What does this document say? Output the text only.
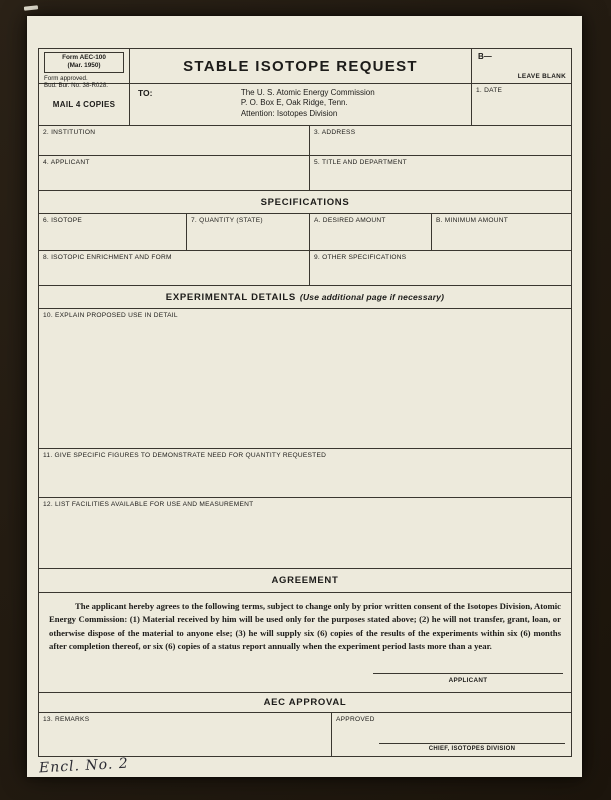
Form AEC-100
(Mar. 1950)
Form approved.
Bud. Bur. No. 38-R028.
STABLE ISOTOPE REQUEST
B—
LEAVE BLANK
MAIL 4 COPIES
TO:	The U. S. Atomic Energy Commission
P. O. Box E, Oak Ridge, Tenn.
Attention: Isotopes Division
1. DATE
2. INSTITUTION	3. ADDRESS
4. APPLICANT	5. TITLE AND DEPARTMENT
SPECIFICATIONS
6. ISOTOPE	7. QUANTITY (STATE)	A. DESIRED AMOUNT	B. MINIMUM AMOUNT
8. ISOTOPIC ENRICHMENT AND FORM	9. OTHER SPECIFICATIONS
EXPERIMENTAL DETAILS (Use additional page if necessary)
10. EXPLAIN PROPOSED USE IN DETAIL
11. GIVE SPECIFIC FIGURES TO DEMONSTRATE NEED FOR QUANTITY REQUESTED
12. LIST FACILITIES AVAILABLE FOR USE AND MEASUREMENT
AGREEMENT
The applicant hereby agrees to the following terms, subject to change only by prior written consent of the Isotopes Division, Atomic Energy Commission: (1) Material received by him will be used only for the purposes stated above; (2) he will not transfer, grant, loan, or otherwise dispose of the material to anyone else; (3) he will supply six (6) copies of the results of the experiments within six (6) months after completion thereof, or six (6) copies of a status report annually when the experiment period lasts more than a year.
APPLICANT
AEC APPROVAL
13. REMARKS	APPROVED
CHIEF, ISOTOPES DIVISION
Encl. No. 2
